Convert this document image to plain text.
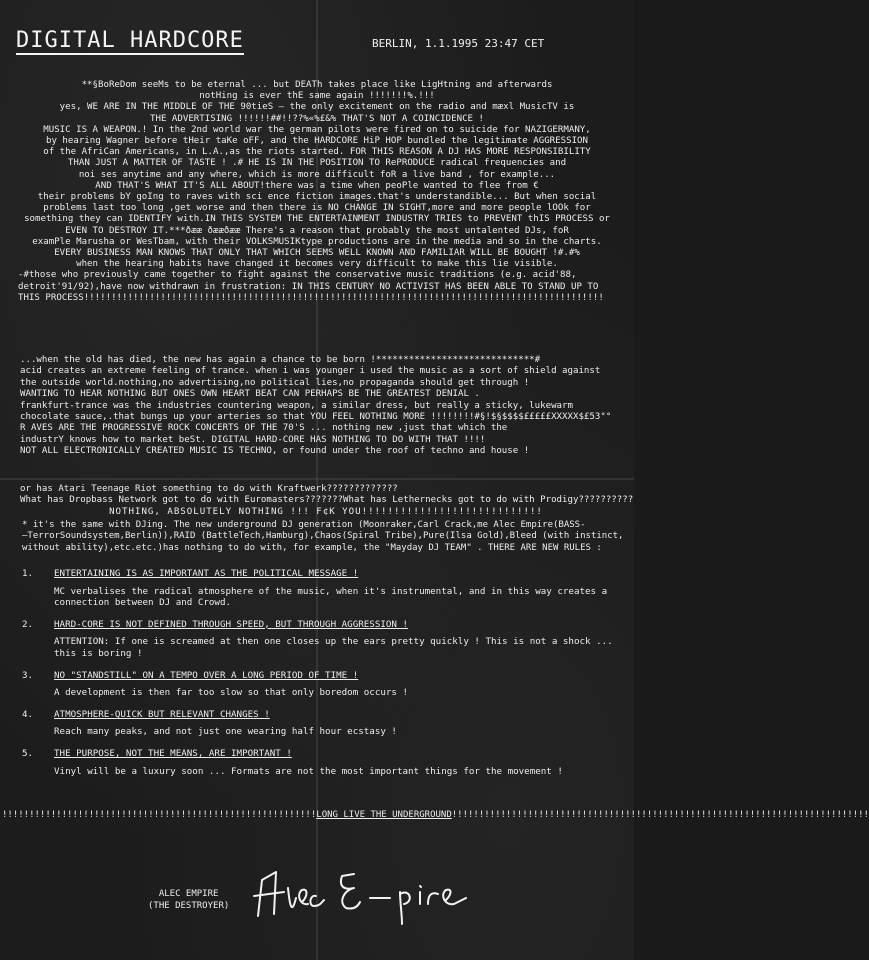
DIGITAL HARDCORE	BERLIN, 1.1.1995 23:47 CET

**§BoReDom seeMs to be eternal ... but DEATh takes place like LigHtning and afterwards

notHing is ever thE same again !!!!!!!%.!!!

yes, WE ARE IN THE MIDDLE OF THE 90tieS – the only excitement on the radio and mæxl MusicTV is

THE ADVERTISING !!!!!!##!!??%«%£&% THAT'S NOT A COINCIDENCE !

MUSIC IS A WEAPON.! In the 2nd world war the german pilots were fired on to suicide for NAZIGERMANY,

by hearing Wagner before tHeir taKe oFF, and the HARDCORE HiP HOP bundled the legitimate AGGRESSION

of the AfriCan Americans, in L.A.,as the riots started. FOR THIS REASON A DJ HAS MORE RESPONSIBILITY

THAN JUST A MATTER OF TASTE ! .# HE IS IN THE POSITION TO RePRODUCE radical frequencies and

noi ses anytime and any where, which is more difficult foR a live band , for example...

AND THAT'S WHAT IT'S ALL ABOUT!there was a time when peoPle wanted to flee from €

their problems bY goIng to raves with sci ence fiction images.that's understandible... But when social

problems last too long ,get worse and then there is NO CHANGE IN SIGHT,more and more people lOOk for

something they can IDENTIFY with.IN THIS SYSTEM THE ENTERTAINMENT INDUSTRY TRIES to PREVENT thIS PROCESS or

EVEN TO DESTROY IT.***ðææ ðææðææ There's a reason that probably the most untalented DJs, foR

examPle Marusha or WesTbam, with their VOLKSMUSIKtype productions are in the media and so in the charts.

EVERY BUSINESS MAN KNOWS THAT ONLY THAT WHICH SEEMS WELL KNOWN AND FAMILIAR WILL BE BOUGHT !#.#%

when the hearing habits have changed it becomes very difficult to make this lie visible.

-#those who previously came together to fight against the conservative music traditions (e.g. acid'88,

detroit'91/92),have now withdrawn in frustration: IN THIS CENTURY NO ACTIVIST HAS BEEN ABLE TO STAND UP TO

THIS PROCESS!!!!!!!!!!!!!!!!!!!!!!!!!!!!!!!!!!!!!!!!!!!!!!!!!!!!!!!!!!!!!!!!!!!!!!!!!!!!!!!!!!!!!!!!!!!!!!!

...when the old has died, the new has again a chance to be born !*****************************#

acid creates an extreme feeling of trance. when i was younger i used the music as a sort of shield against

the outside world.nothing,no advertising,no political lies,no propaganda should get through !

WANTING TO HEAR NOTHING BUT ONES OWN HEART BEAT CAN PERHAPS BE THE GREATEST DENIAL .

frankfurt-trance was the industries countering weapon, a similar dress, but really a sticky, lukewarm

chocolate sauce,.that bungs up your arteries so that YOU FEEL NOTHING MORE !!!!!!!!#§!$§$$$$£££££XXXXX$£53°°

R AVES ARE THE PROGRESSIVE ROCK CONCERTS OF THE 70'S ... nothing new ,just that which the

industrY knows how to market beSt. DIGITAL HARD-CORE HAS NOTHING TO DO WITH THAT !!!!

NOT ALL ELECTRONICALLY CREATED MUSIC IS TECHNO, or found under the roof of techno and house !

or has Atari Teenage Riot something to do with Kraftwerk?????????????

What has Dropbass Network got to do with Euromasters???????What has Lethernecks got to do with Prodigy??????????

NOTHING, ABSOLUTELY NOTHING !!! F¢K YOU!!!!!!!!!!!!!!!!!!!!!!!!!!!!

* it's the same with DJing. The new underground DJ generation (Moonraker,Carl Crack,me Alec Empire(BASS-

–TerrorSoundsystem,Berlin)),RAID (BattleTech,Hamburg),Chaos(Spiral Tribe),Pure(Ilsa Gold),Bleed (with instinct,

without ability),etc.etc.)has nothing to do with, for example, the "Mayday DJ TEAM" . THERE ARE NEW RULES :

1. ENTERTAINING IS AS IMPORTANT AS THE POLITICAL MESSAGE !
MC verbalises the radical atmosphere of the music, when it's instrumental, and in this way creates a
connection between DJ and Crowd.
2. HARD-CORE IS NOT DEFINED THROUGH SPEED, BUT THROUGH AGGRESSION !
ATTENTION: If one is screamed at then one closes up the ears pretty quickly ! This is not a shock ...
this is boring !
3. NO "STANDSTILL" ON A TEMPO OVER A LONG PERIOD OF TIME !
A development is then far too slow so that only boredom occurs !
4. ATMOSPHERE-QUICK BUT RELEVANT CHANGES !
Reach many peaks, and not just one wearing half hour ecstasy !
5. THE PURPOSE, NOT THE MEANS, ARE IMPORTANT !
Vinyl will be a luxury soon ... Formats are not the most important things for the movement !
!!!!!!!!!!!!!!!!!!!!!!!!!!!!!!!!!!!!!!!!!!!!!!!!!!!!!!!!!!LONG LIVE THE UNDERGROUND!!!!!!!!!!!!!!!!!!!!!!!!!!!!!!!!!!!!!!!!!!!!!!!!!!!!!!!!!!!!!!!!!!!!!!!!!!!!!
ALEC EMPIRE
(THE DESTROYER)
